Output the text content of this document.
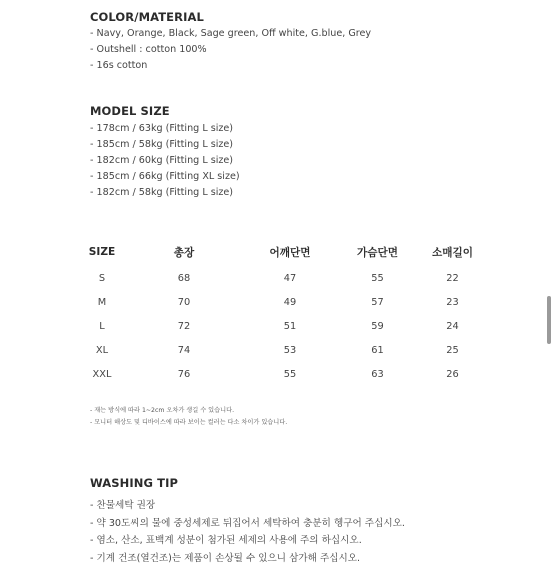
COLOR/MATERIAL
- Navy, Orange, Black, Sage green, Off white, G.blue, Grey
- Outshell : cotton 100%
- 16s cotton
MODEL SIZE
- 178cm / 63kg (Fitting L size)
- 185cm / 58kg (Fitting L size)
- 182cm / 60kg (Fitting L size)
- 185cm / 66kg (Fitting XL size)
- 182cm / 58kg (Fitting L size)
SIZE	총장	어깨단면	가슴단면	소매길이
S	68	47	55	22
M	70	49	57	23
L	72	51	59	24
XL	74	53	61	25
XXL	76	55	63	26
- 재는 방식에 따라 1~2cm 오차가 생길 수 있습니다.
- 모니터 해상도 및 디바이스에 따라 보이는 컬러는 다소 차이가 있습니다.
WASHING TIP
- 찬물세탁 권장
- 약 30도씨의 물에 중성세제로 뒤집어서 세탁하여 충분히 헹구어 주십시오.
- 염소, 산소, 표백계 성분이 첨가된 세제의 사용에 주의 하십시오.
- 기계 건조(열건조)는 제품이 손상될 수 있으니 삼가해 주십시오.
